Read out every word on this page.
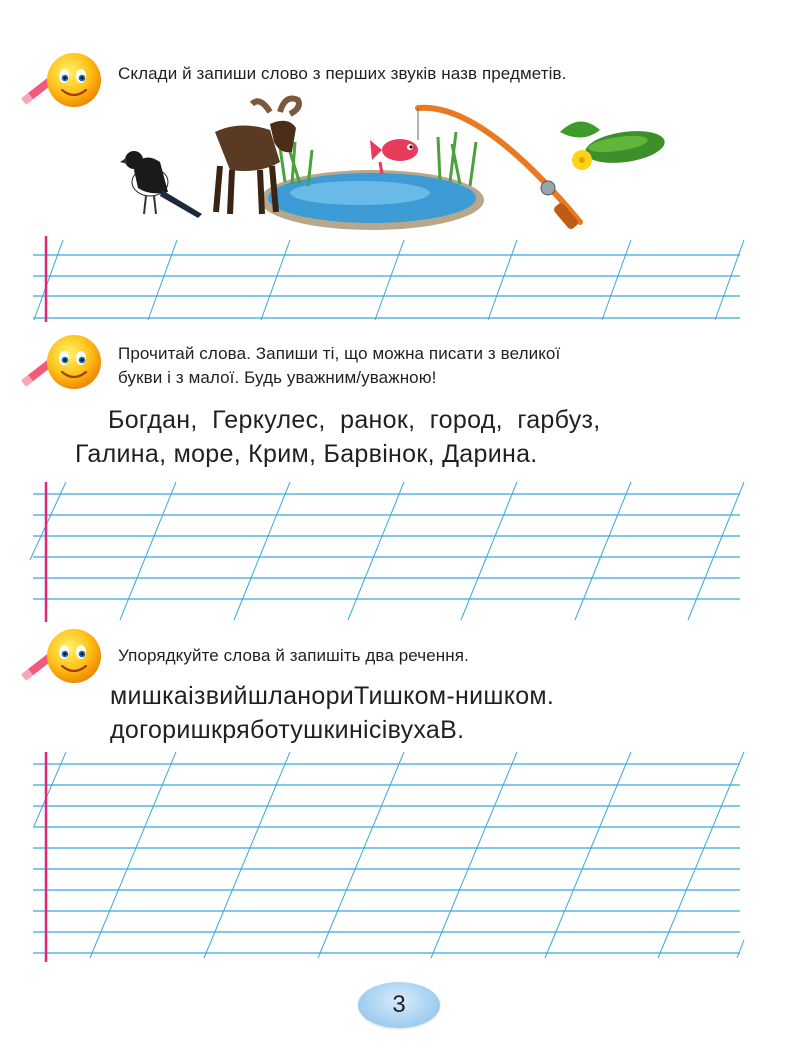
Склади й запиши слово з перших звуків назв предметів.
Прочитай слова. Запиши ті, що можна писати з великої
букви і з малої. Будь уважним/уважною!
Богдан,  Геркулес,  ранок,  город,  гарбуз,
Галина, море, Крим, Барвінок, Дарина.
Упорядкуйте слова й запишіть два речення.
мишкаізвийшланориТишком-нишком.
догоришкряботушкинісівухаВ.
3
